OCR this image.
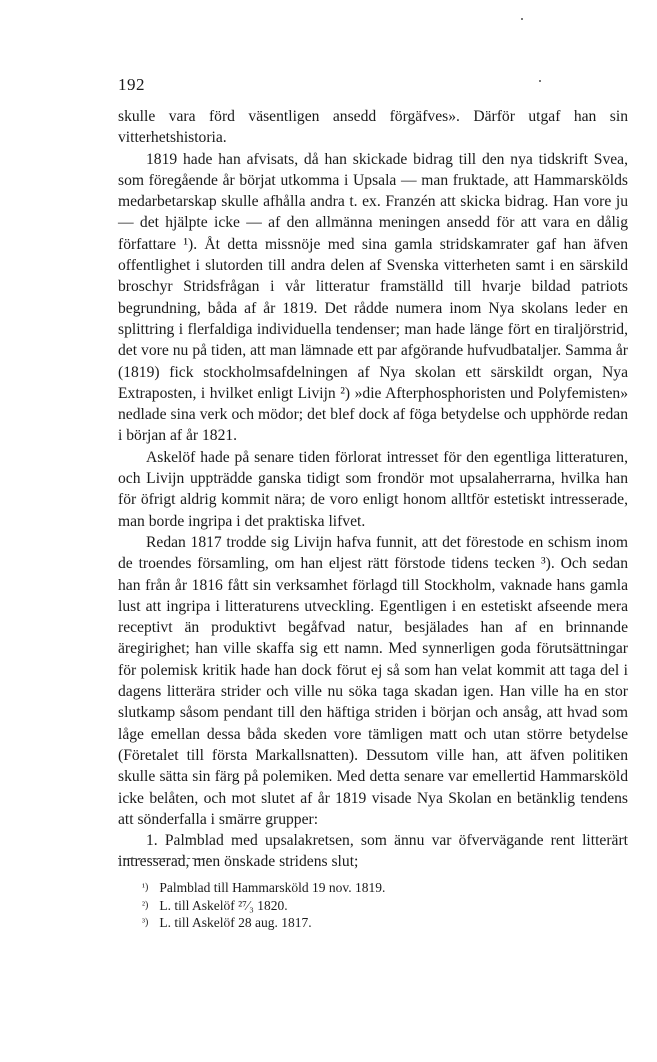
192

skulle vara förd väsentligen ansedd förgäfves». Därför utgaf han sin vitterhetshistoria.

1819 hade han afvisats, då han skickade bidrag till den nya tidskrift Svea, som föregående år börjat utkomma i Upsala — man fruktade, att Hammarskölds medarbetarskap skulle afhålla andra t. ex. Franzén att skicka bidrag. Han vore ju — det hjälpte icke — af den allmänna meningen ansedd för att vara en dålig författare ¹). Åt detta missnöje med sina gamla stridskamrater gaf han äfven offentlighet i slutorden till andra delen af Svenska vitterheten samt i en särskild broschyr Stridsfrågan i vår litteratur framställd till hvarje bildad patriots begrundning, båda af år 1819. Det rådde numera inom Nya skolans leder en splittring i flerfaldiga individuella tendenser; man hade länge fört en tiraljörstrid, det vore nu på tiden, att man lämnade ett par afgörande hufvudbataljer. Samma år (1819) fick stockholmsafdelningen af Nya skolan ett särskildt organ, Nya Extraposten, i hvilket enligt Livijn ²) »die Afterphosphoristen und Polyfemisten» nedlade sina verk och mödor; det blef dock af föga betydelse och upphörde redan i början af år 1821.

Askelöf hade på senare tiden förlorat intresset för den egentliga litteraturen, och Livijn uppträdde ganska tidigt som frondör mot upsalaherrarna, hvilka han för öfrigt aldrig kommit nära; de voro enligt honom alltför estetiskt intresserade, man borde ingripa i det praktiska lifvet.

Redan 1817 trodde sig Livijn hafva funnit, att det förestode en schism inom de troendes församling, om han eljest rätt förstode tidens tecken ³). Och sedan han från år 1816 fått sin verksamhet förlagd till Stockholm, vaknade hans gamla lust att ingripa i litteraturens utveckling. Egentligen i en estetiskt afseende mera receptivt än produktivt begåfvad natur, besjälades han af en brinnande äregirighet; han ville skaffa sig ett namn. Med synnerligen goda förutsättningar för polemisk kritik hade han dock förut ej så som han velat kommit att taga del i dagens litterära strider och ville nu söka taga skadan igen. Han ville ha en stor slutkamp såsom pendant till den häftiga striden i början och ansåg, att hvad som låge emellan dessa båda skeden vore tämligen matt och utan större betydelse (Företalet till första Markallsnatten). Dessutom ville han, att äfven politiken skulle sätta sin färg på polemiken. Med detta senare var emellertid Hammarsköld icke belåten, och mot slutet af år 1819 visade Nya Skolan en betänklig tendens att sönderfalla i smärre grupper:

1. Palmblad med upsalakretsen, som ännu var öfvervägande rent litterärt intresserad, men önskade stridens slut;

¹) Palmblad till Hammarsköld 19 nov. 1819.
²) L. till Askelöf ²⁷⁄₃ 1820.
³) L. till Askelöf 28 aug. 1817.
